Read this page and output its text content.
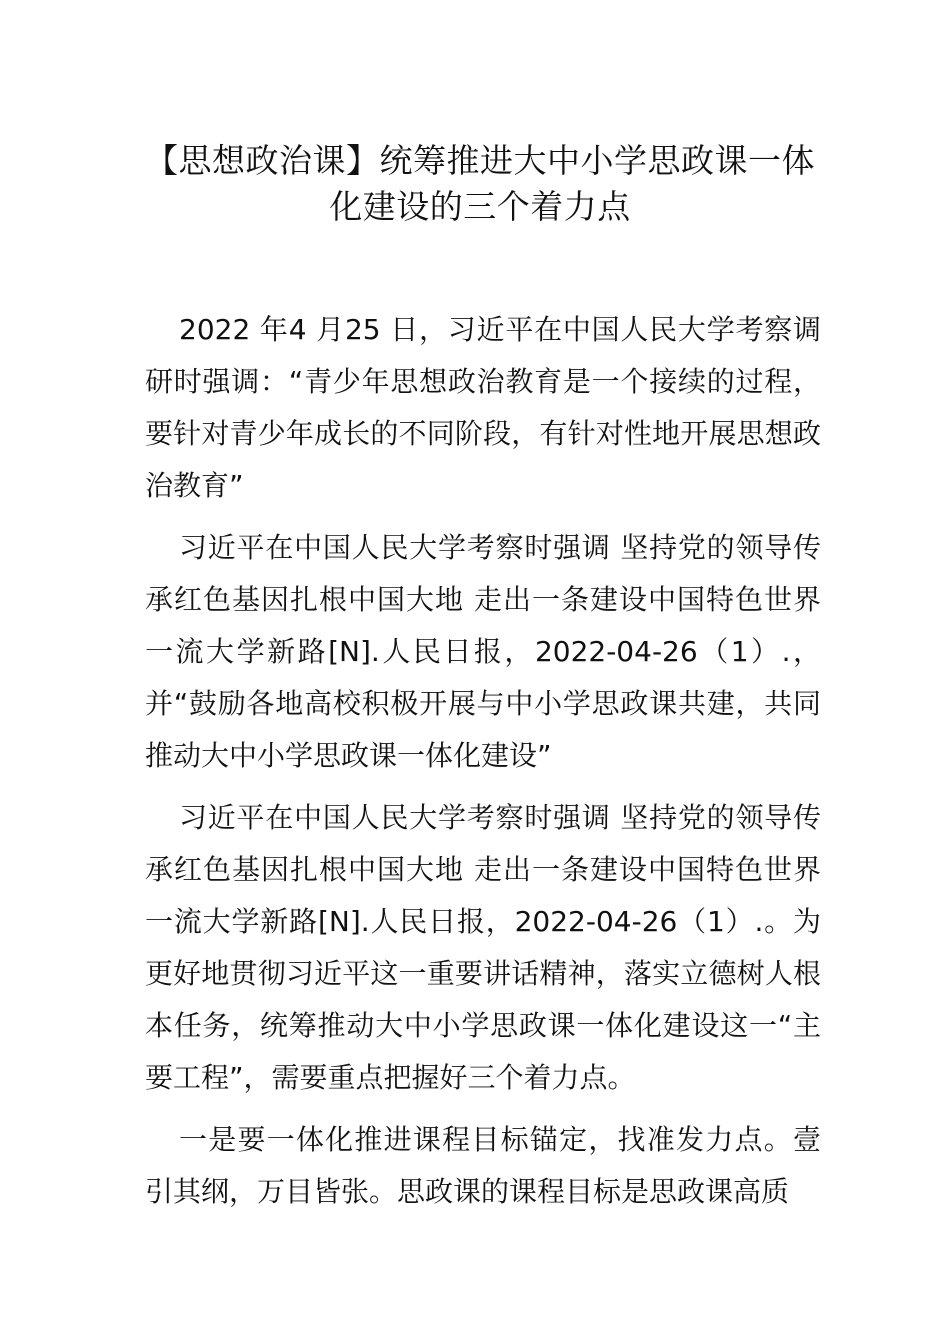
【思想政治课】统筹推进大中小学思政课一体化建设的三个着力点

2022 年4 月25 日，习近平在中国人民大学考察调研时强调：“青少年思想政治教育是一个接续的过程，要针对青少年成长的不同阶段，有针对性地开展思想政治教育”

习近平在中国人民大学考察时强调 坚持党的领导传承红色基因扎根中国大地 走出一条建设中国特色世界一流大学新路[N].人民日报，2022-04-26（1）.， 并“鼓励各地高校积极开展与中小学思政课共建，共同推动大中小学思政课一体化建设”

习近平在中国人民大学考察时强调 坚持党的领导传承红色基因扎根中国大地 走出一条建设中国特色世界一流大学新路[N].人民日报，2022-04-26（1）.。为更好地贯彻习近平这一重要讲话精神，落实立德树人根本任务，统筹推动大中小学思政课一体化建设这一“主要工程”，需要重点把握好三个着力点。

一是要一体化推进课程目标锚定，找准发力点。壹引其纲，万目皆张。思政课的课程目标是思政课高质
